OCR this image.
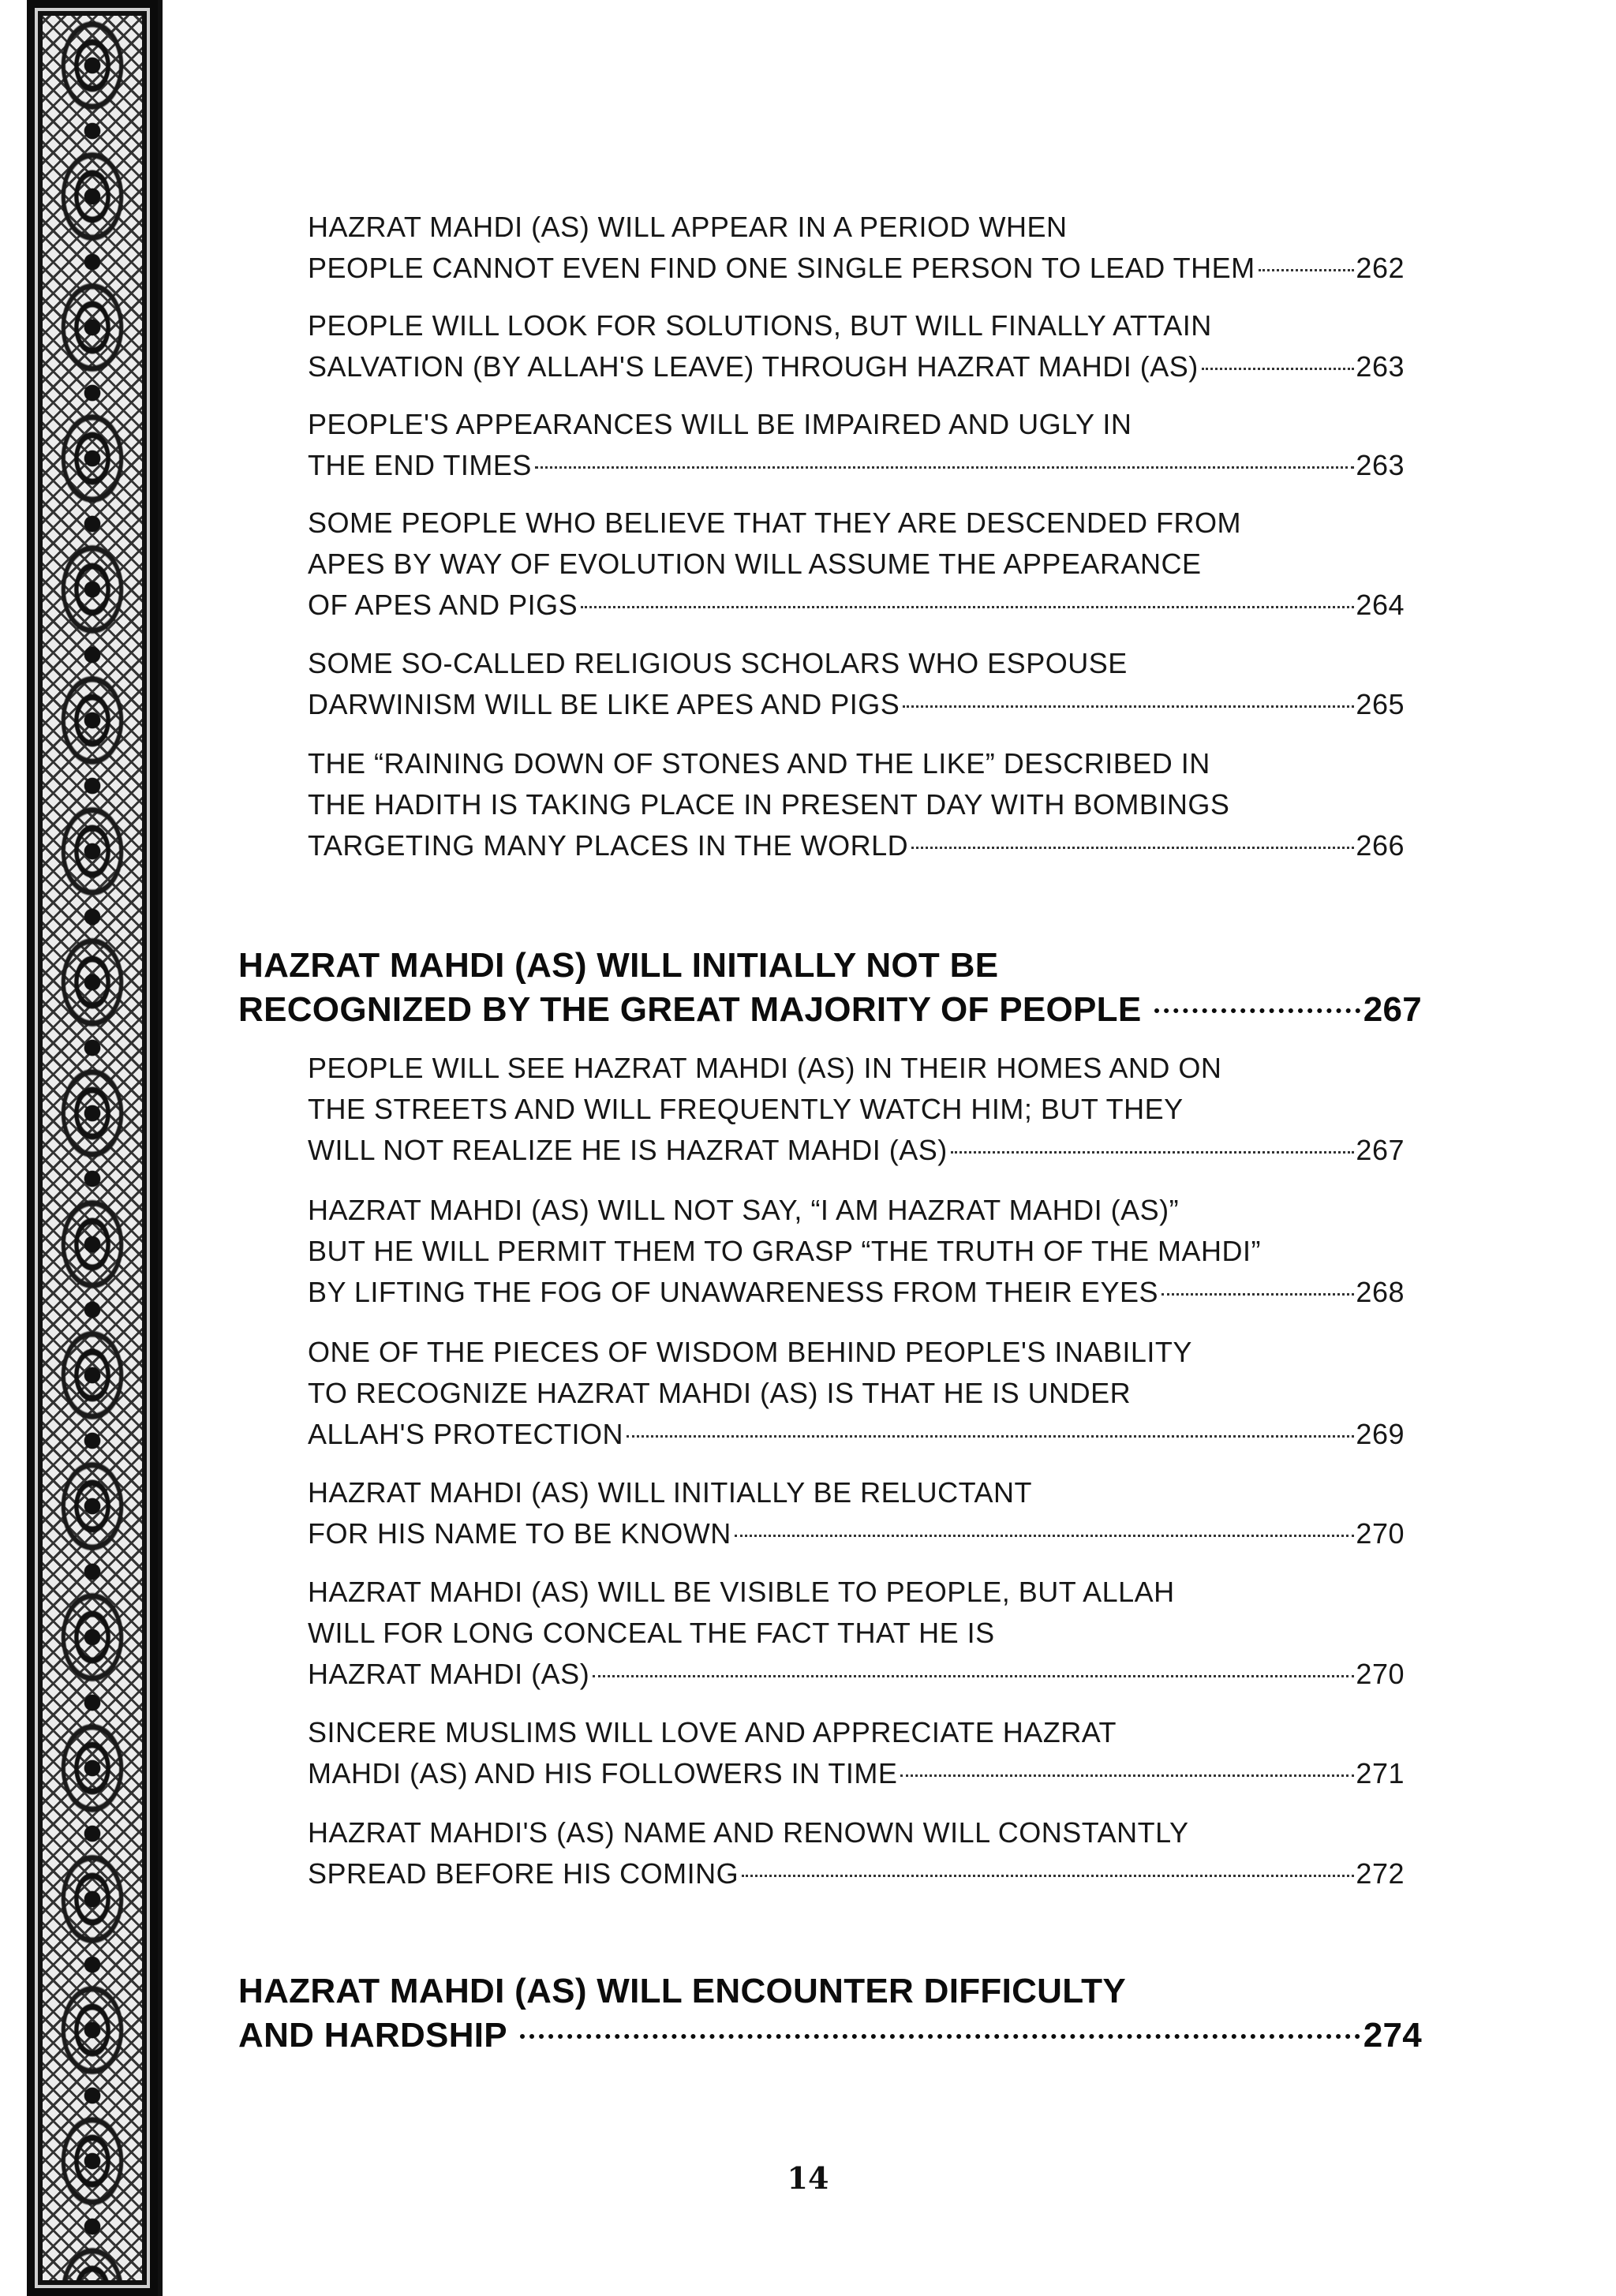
HAZRAT MAHDI (AS) WILL APPEAR IN A PERIOD WHEN
PEOPLE CANNOT EVEN FIND ONE SINGLE PERSON TO LEAD THEM	262
PEOPLE WILL LOOK FOR SOLUTIONS, BUT WILL FINALLY ATTAIN
SALVATION (BY ALLAH'S LEAVE) THROUGH HAZRAT MAHDI (AS)	263
PEOPLE'S APPEARANCES WILL BE IMPAIRED AND UGLY IN
THE END TIMES	263
SOME PEOPLE WHO BELIEVE THAT THEY ARE DESCENDED FROM
APES BY WAY OF EVOLUTION WILL ASSUME THE APPEARANCE
OF APES AND PIGS	264
SOME SO-CALLED RELIGIOUS SCHOLARS WHO ESPOUSE
DARWINISM WILL BE LIKE APES AND PIGS	265
THE “RAINING DOWN OF STONES AND THE LIKE” DESCRIBED IN
THE HADITH IS TAKING PLACE IN PRESENT DAY WITH BOMBINGS
TARGETING MANY PLACES IN THE WORLD	266
HAZRAT MAHDI (AS) WILL INITIALLY NOT BE
RECOGNIZED BY THE GREAT MAJORITY OF PEOPLE	267
PEOPLE WILL SEE HAZRAT MAHDI (AS) IN THEIR HOMES AND ON
THE STREETS AND WILL FREQUENTLY WATCH HIM; BUT THEY
WILL NOT REALIZE HE IS HAZRAT MAHDI (AS)	267
HAZRAT MAHDI (AS) WILL NOT SAY, “I AM HAZRAT MAHDI (AS)”
BUT HE WILL PERMIT THEM TO GRASP “THE TRUTH OF THE MAHDI”
BY LIFTING THE FOG OF UNAWARENESS FROM THEIR EYES	268
ONE OF THE PIECES OF WISDOM BEHIND PEOPLE'S INABILITY
TO RECOGNIZE HAZRAT MAHDI (AS) IS THAT HE IS UNDER
ALLAH'S PROTECTION	269
HAZRAT MAHDI (AS) WILL INITIALLY BE RELUCTANT
FOR HIS NAME TO BE KNOWN	270
HAZRAT MAHDI (AS) WILL BE VISIBLE TO PEOPLE, BUT ALLAH
WILL FOR LONG CONCEAL THE FACT THAT HE IS
HAZRAT MAHDI (AS)	270
SINCERE MUSLIMS WILL LOVE AND APPRECIATE HAZRAT
MAHDI (AS) AND HIS FOLLOWERS IN TIME	271
HAZRAT MAHDI'S (AS) NAME AND RENOWN WILL CONSTANTLY
SPREAD BEFORE HIS COMING	272
HAZRAT MAHDI (AS) WILL ENCOUNTER DIFFICULTY
AND HARDSHIP	274
14
